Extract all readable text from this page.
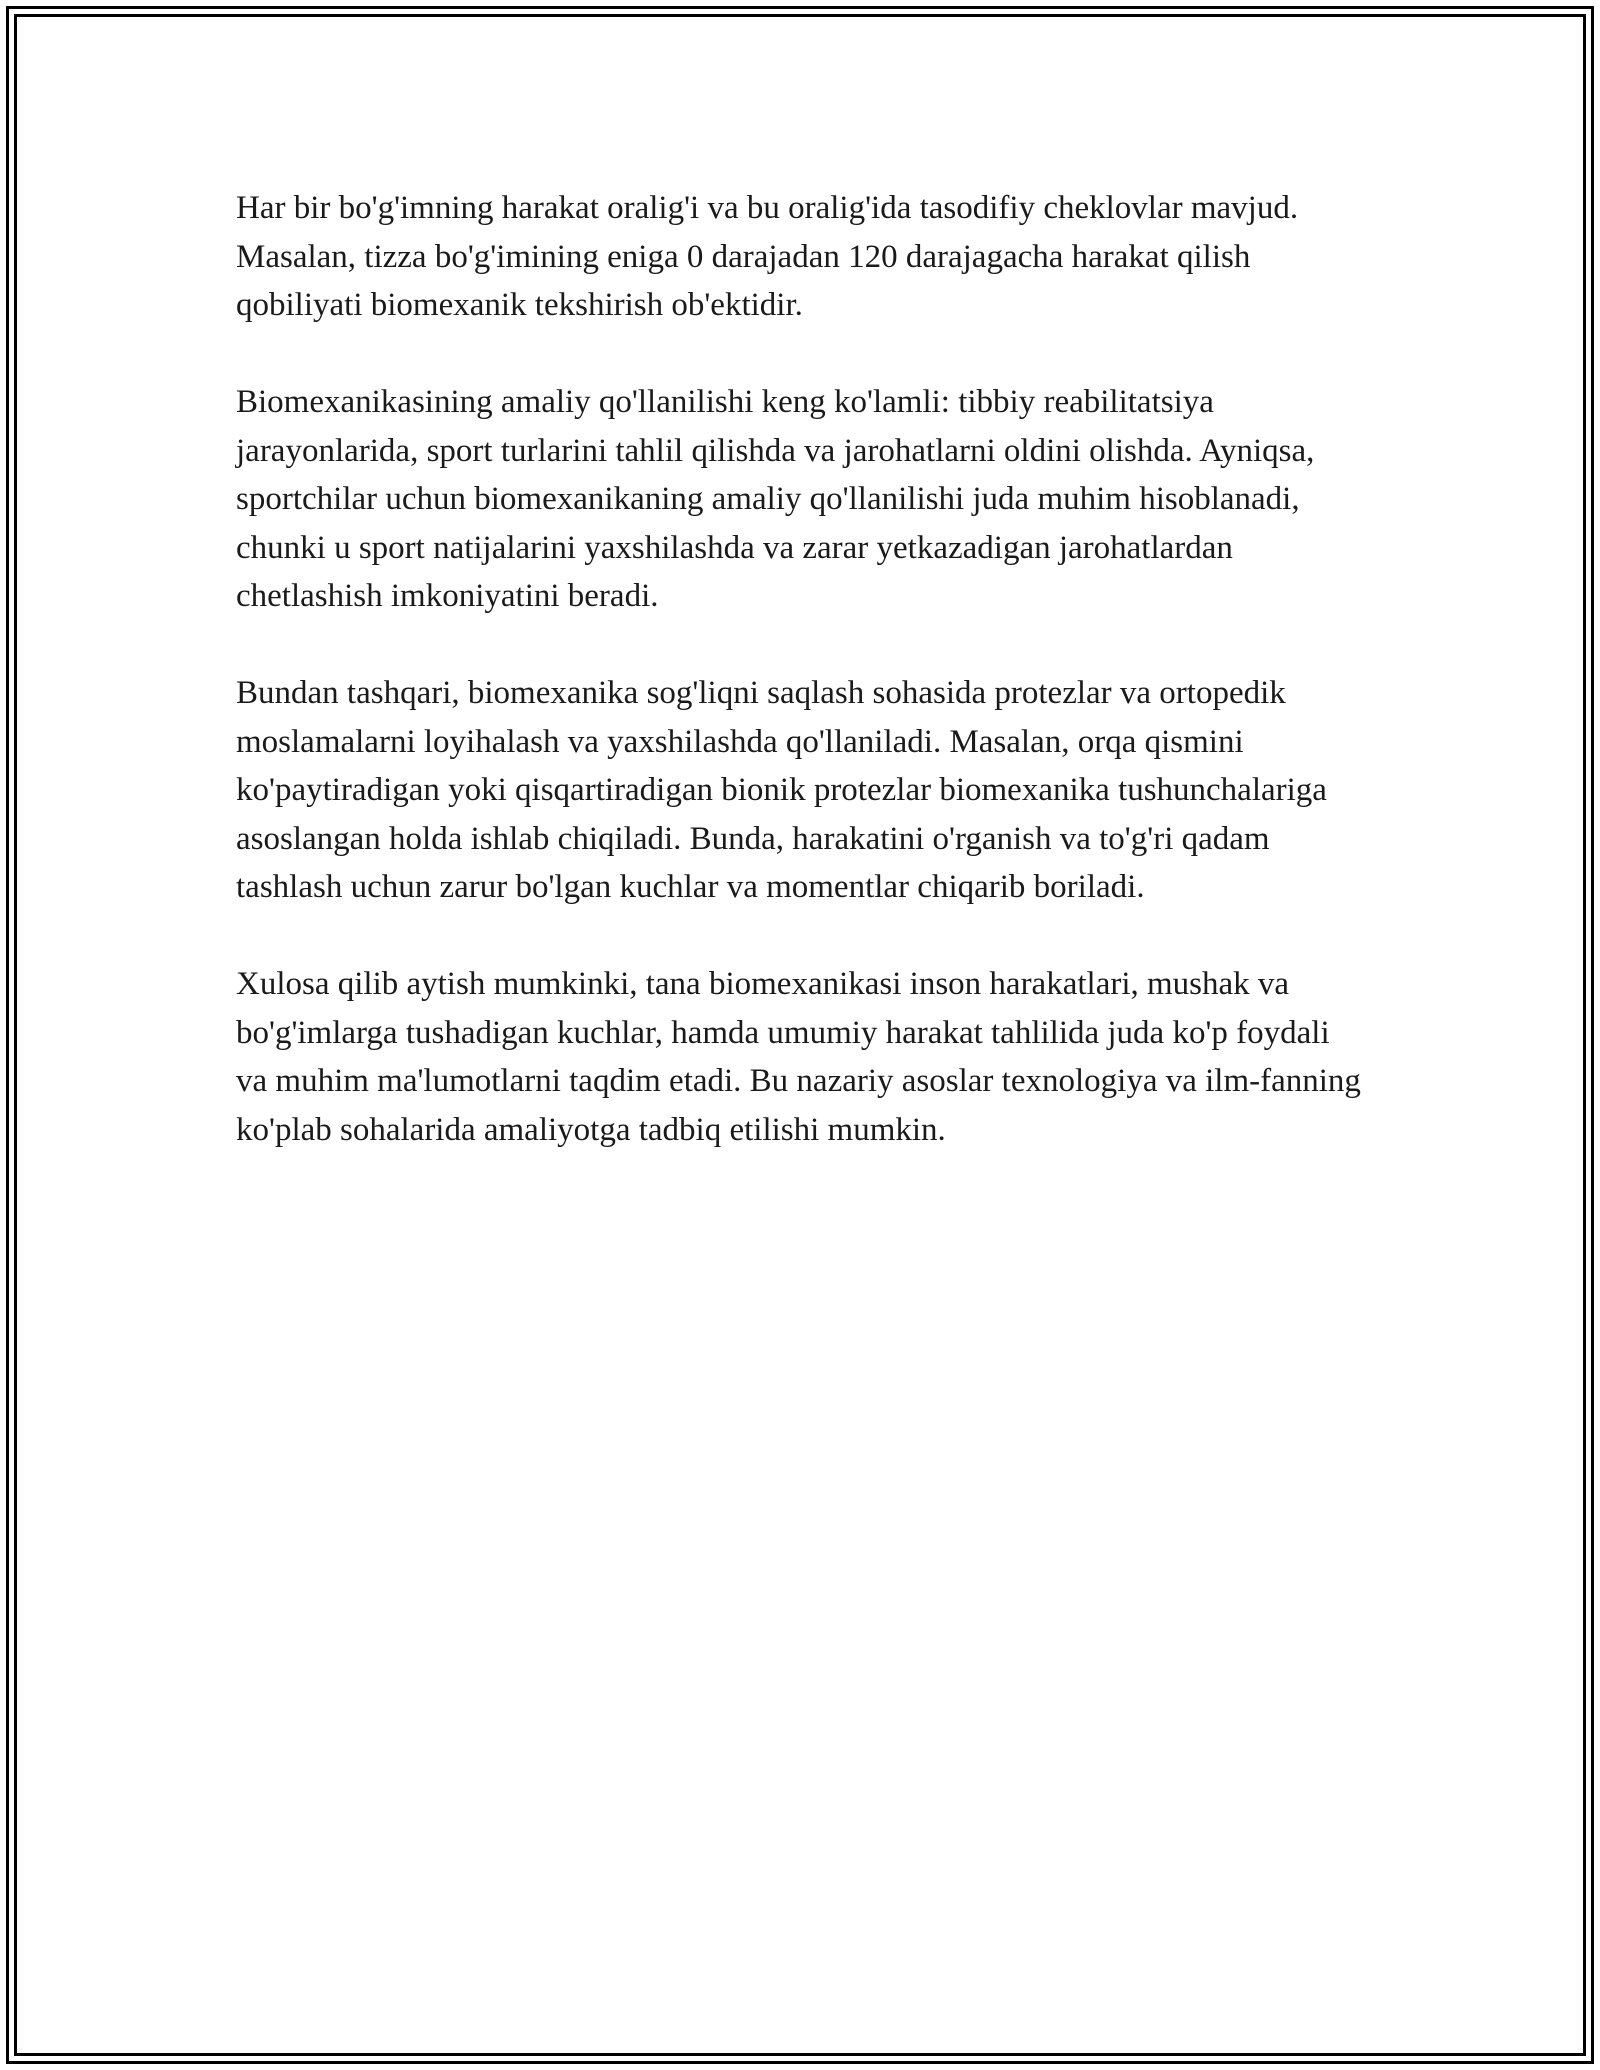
Har bir bo'g'imning harakat oralig'i va bu oralig'ida tasodifiy cheklovlar mavjud. Masalan, tizza bo'g'imining eniga 0 darajadan 120 darajagacha harakat qilish qobiliyati biomexanik tekshirish ob'ektidir.

Biomexanikasining amaliy qo'llanilishi keng ko'lamli: tibbiy reabilitatsiya jarayonlarida, sport turlarini tahlil qilishda va jarohatlarni oldini olishda. Ayniqsa, sportchilar uchun biomexanikaning amaliy qo'llanilishi juda muhim hisoblanadi, chunki u sport natijalarini yaxshilashda va zarar yetkazadigan jarohatlardan chetlashish imkoniyatini beradi.

Bundan tashqari, biomexanika sog'liqni saqlash sohasida protezlar va ortopedik moslamalarni loyihalash va yaxshilashda qo'llaniladi. Masalan, orqa qismini ko'paytiradigan yoki qisqartiradigan bionik protezlar biomexanika tushunchalariga asoslangan holda ishlab chiqiladi. Bunda, harakatini o'rganish va to'g'ri qadam tashlash uchun zarur bo'lgan kuchlar va momentlar chiqarib boriladi.

Xulosa qilib aytish mumkinki, tana biomexanikasi inson harakatlari, mushak va bo'g'imlarga tushadigan kuchlar, hamda umumiy harakat tahlilida juda ko'p foydali va muhim ma'lumotlarni taqdim etadi. Bu nazariy asoslar texnologiya va ilm-fanning ko'plab sohalarida amaliyotga tadbiq etilishi mumkin.
